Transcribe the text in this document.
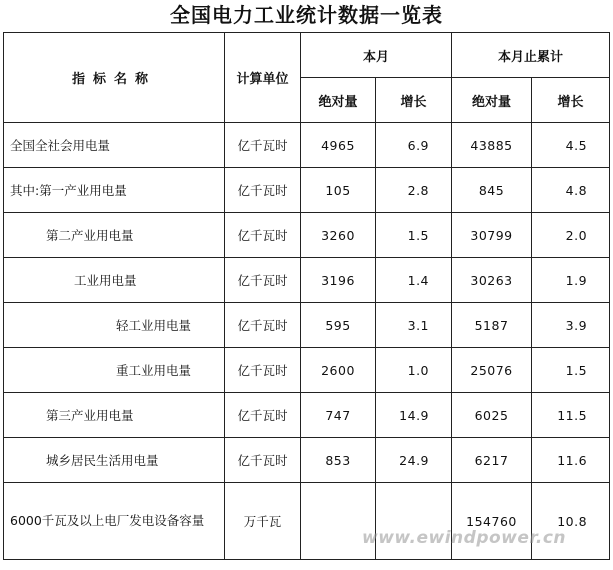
全国电力工业统计数据一览表
指标名称	计算单位	本月		本月止累计	
		绝对量	增长	绝对量	增长
全国全社会用电量	亿千瓦时	4965	6.9	43885	4.5
其中:第一产业用电量	亿千瓦时	105	2.8	845	4.8
第二产业用电量	亿千瓦时	3260	1.5	30799	2.0
工业用电量	亿千瓦时	3196	1.4	30263	1.9
轻工业用电量	亿千瓦时	595	3.1	5187	3.9
重工业用电量	亿千瓦时	2600	1.0	25076	1.5
第三产业用电量	亿千瓦时	747	14.9	6025	11.5
城乡居民生活用电量	亿千瓦时	853	24.9	6217	11.6
6000千瓦及以上电厂发电设备容量	万千瓦			154760	10.8
www.ewindpower.cn
